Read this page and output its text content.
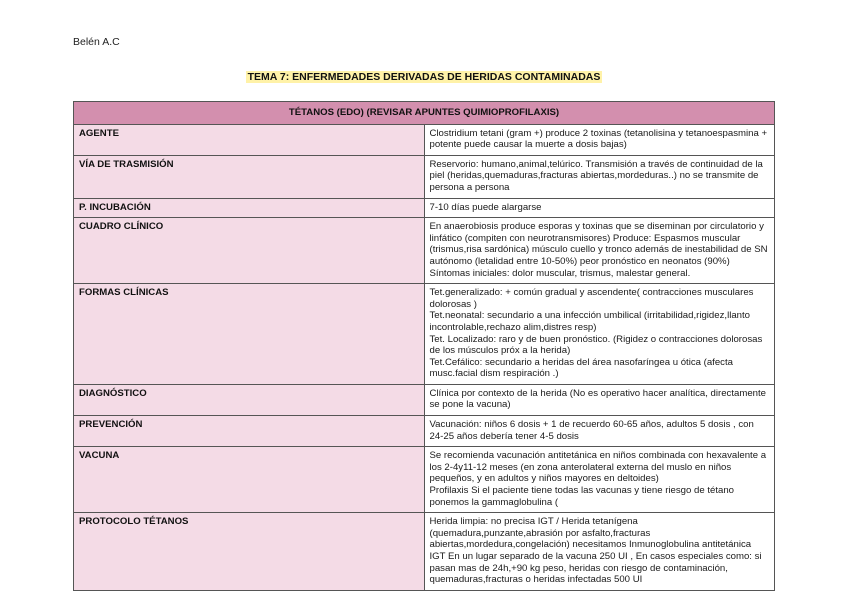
Belén A.C
TEMA 7: ENFERMEDADES DERIVADAS DE HERIDAS CONTAMINADAS
TÉTANOS (EDO) (REVISAR APUNTES QUIMIOPROFILAXIS)	
AGENTE	Clostridium tetani (gram +) produce 2 toxinas (tetanolisina y tetanoespasmina + potente puede causar la muerte a dosis bajas)

VÍA DE TRASMISIÓN	Reservorio: humano,animal,telúrico. Transmisión a través de continuidad de la piel (heridas,quemaduras,fracturas abiertas,mordeduras..) no se transmite de persona a persona

P. INCUBACIÓN	7-10 días puede alargarse

CUADRO CLÍNICO	En anaerobiosis produce esporas y toxinas que se diseminan por circulatorio y linfático (compiten con neurotransmisores) Produce: Espasmos muscular (trismus,risa sardónica) músculo cuello y tronco además de inestabilidad de SN autónomo (letalidad entre 10-50%) peor pronóstico en neonatos (90%)
Síntomas iniciales: dolor muscular, trismus, malestar general.

FORMAS CLÍNICAS	Tet.generalizado: + común gradual y ascendente( contracciones musculares dolorosas )
Tet.neonatal: secundario a una infección umbilical (irritabilidad,rigidez,llanto incontrolable,rechazo alim,distres resp)
Tet. Localizado: raro y de buen pronóstico. (Rigidez o contracciones dolorosas de los músculos próx a la herida)
Tet.Cefálico: secundario a heridas del área nasofaríngea u ótica (afecta musc.facial dism respiración .)

DIAGNÓSTICO	Clínica por contexto de la herida (No es operativo hacer analítica, directamente se pone la vacuna)

PREVENCIÓN	Vacunación: niños 6 dosis + 1 de recuerdo 60-65 años, adultos 5 dosis , con 24-25 años debería tener 4-5 dosis

VACUNA	Se recomienda vacunación antitetánica en niños combinada con hexavalente a los 2-4y11-12 meses (en zona anterolateral externa del muslo en niños pequeños, y en adultos y niños mayores en deltoides)
Profilaxis Si el paciente tiene todas las vacunas y tiene riesgo de tétano ponemos la gammaglobulina (

PROTOCOLO TÉTANOS	Herida limpia: no precisa IGT / Herida tetanígena (quemadura,punzante,abrasión por asfalto,fracturas abiertas,mordedura,congelación) necesitamos Inmunoglobulina antitetánica IGT En un lugar separado de la vacuna 250 UI , En casos especiales como: si pasan mas de 24h,+90 kg peso, heridas con riesgo de contaminación, quemaduras,fracturas o heridas infectadas 500 UI
